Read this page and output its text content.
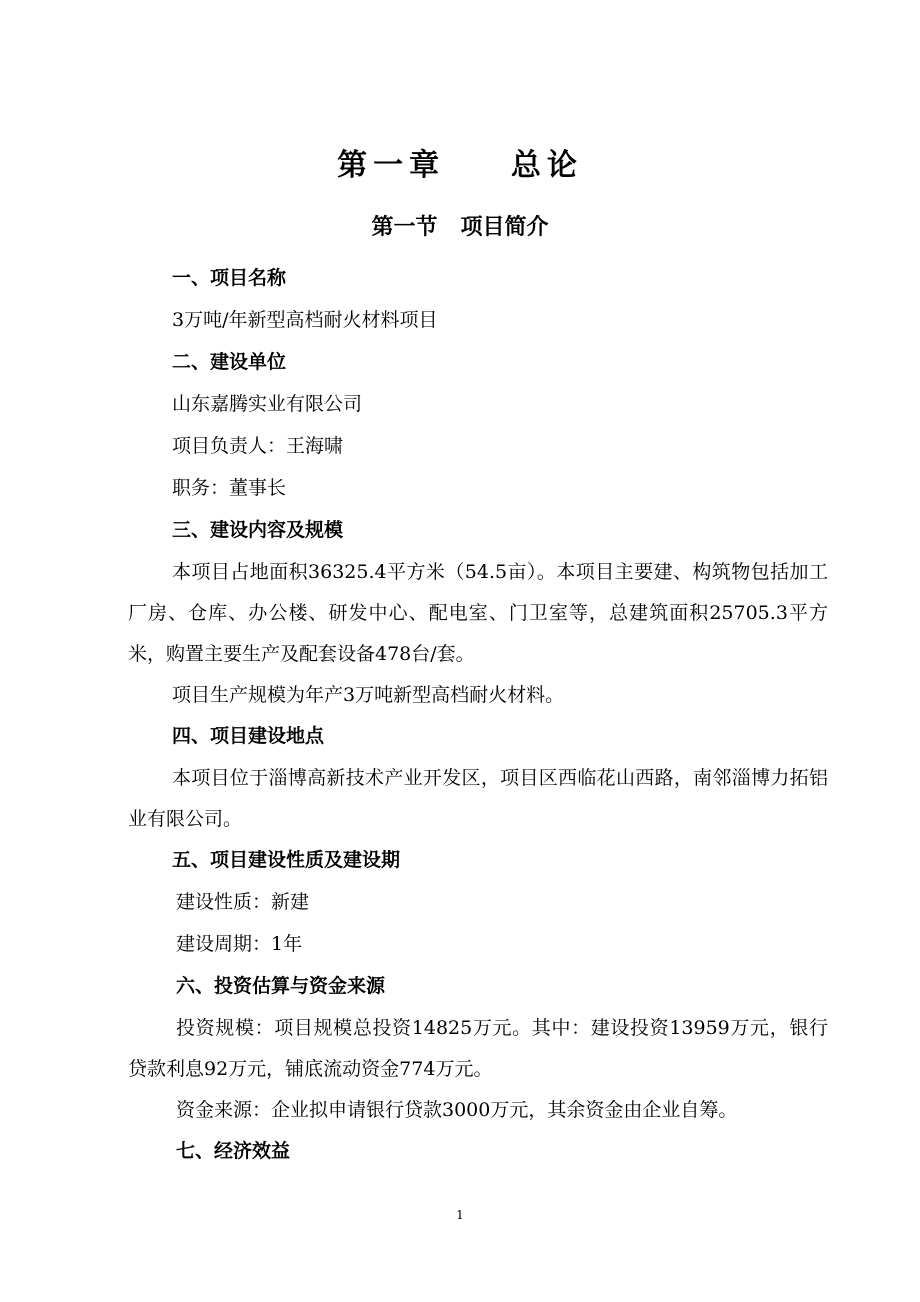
第一章    总论
第一节   项目简介
一、项目名称
3万吨/年新型高档耐火材料项目
二、建设单位
山东嘉腾实业有限公司
项目负责人：王海啸
职务：董事长
三、建设内容及规模

本项目占地面积36325.4平方米（54.5亩）。本项目主要建、构筑物包括加工厂房、仓库、办公楼、研发中心、配电室、门卫室等，总建筑面积25705.3平方米，购置主要生产及配套设备478台/套。

项目生产规模为年产3万吨新型高档耐火材料。

四、项目建设地点

本项目位于淄博高新技术产业开发区，项目区西临花山西路，南邻淄博力拓铝业有限公司。

五、项目建设性质及建设期
建设性质：新建
建设周期：1年
六、投资估算与资金来源

投资规模：项目规模总投资14825万元。其中：建设投资13959万元，银行贷款利息92万元，铺底流动资金774万元。

资金来源：企业拟申请银行贷款3000万元，其余资金由企业自筹。

七、经济效益
1
